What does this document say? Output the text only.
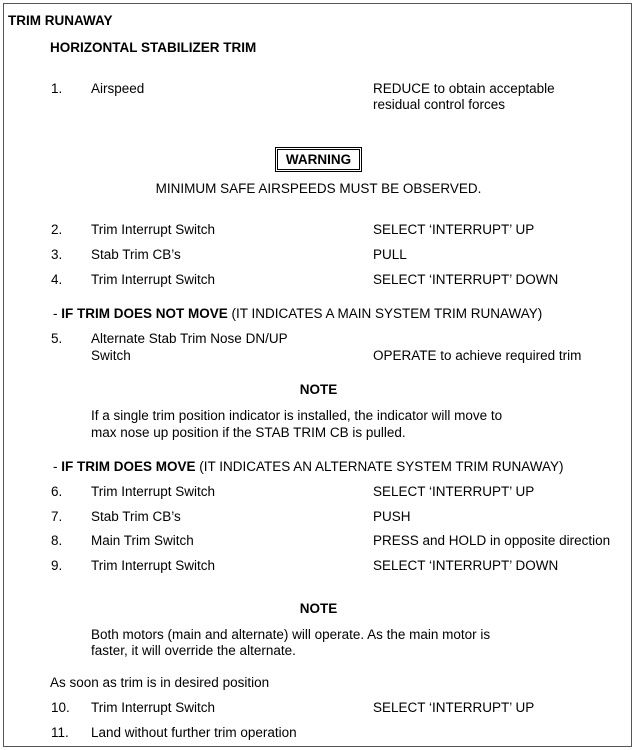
TRIM RUNAWAY
HORIZONTAL STABILIZER TRIM
1. Airspeed	REDUCE to obtain acceptable
residual control forces
WARNING
MINIMUM SAFE AIRSPEEDS MUST BE OBSERVED.
2. Trim Interrupt Switch	SELECT ‘INTERRUPT’ UP
3. Stab Trim CB’s	PULL
4. Trim Interrupt Switch	SELECT ‘INTERRUPT’ DOWN
- IF TRIM DOES NOT MOVE (IT INDICATES A MAIN SYSTEM TRIM RUNAWAY)
5. Alternate Stab Trim Nose DN/UP
Switch	OPERATE to achieve required trim
NOTE
If a single trim position indicator is installed, the indicator will move to
max nose up position if the STAB TRIM CB is pulled.
- IF TRIM DOES MOVE (IT INDICATES AN ALTERNATE SYSTEM TRIM RUNAWAY)
6. Trim Interrupt Switch	SELECT ‘INTERRUPT’ UP
7. Stab Trim CB’s	PUSH
8. Main Trim Switch	PRESS and HOLD in opposite direction
9. Trim Interrupt Switch	SELECT ‘INTERRUPT’ DOWN
NOTE
Both motors (main and alternate) will operate. As the main motor is
faster, it will override the alternate.
As soon as trim is in desired position
10. Trim Interrupt Switch	SELECT ‘INTERRUPT’ UP
11. Land without further trim operation
